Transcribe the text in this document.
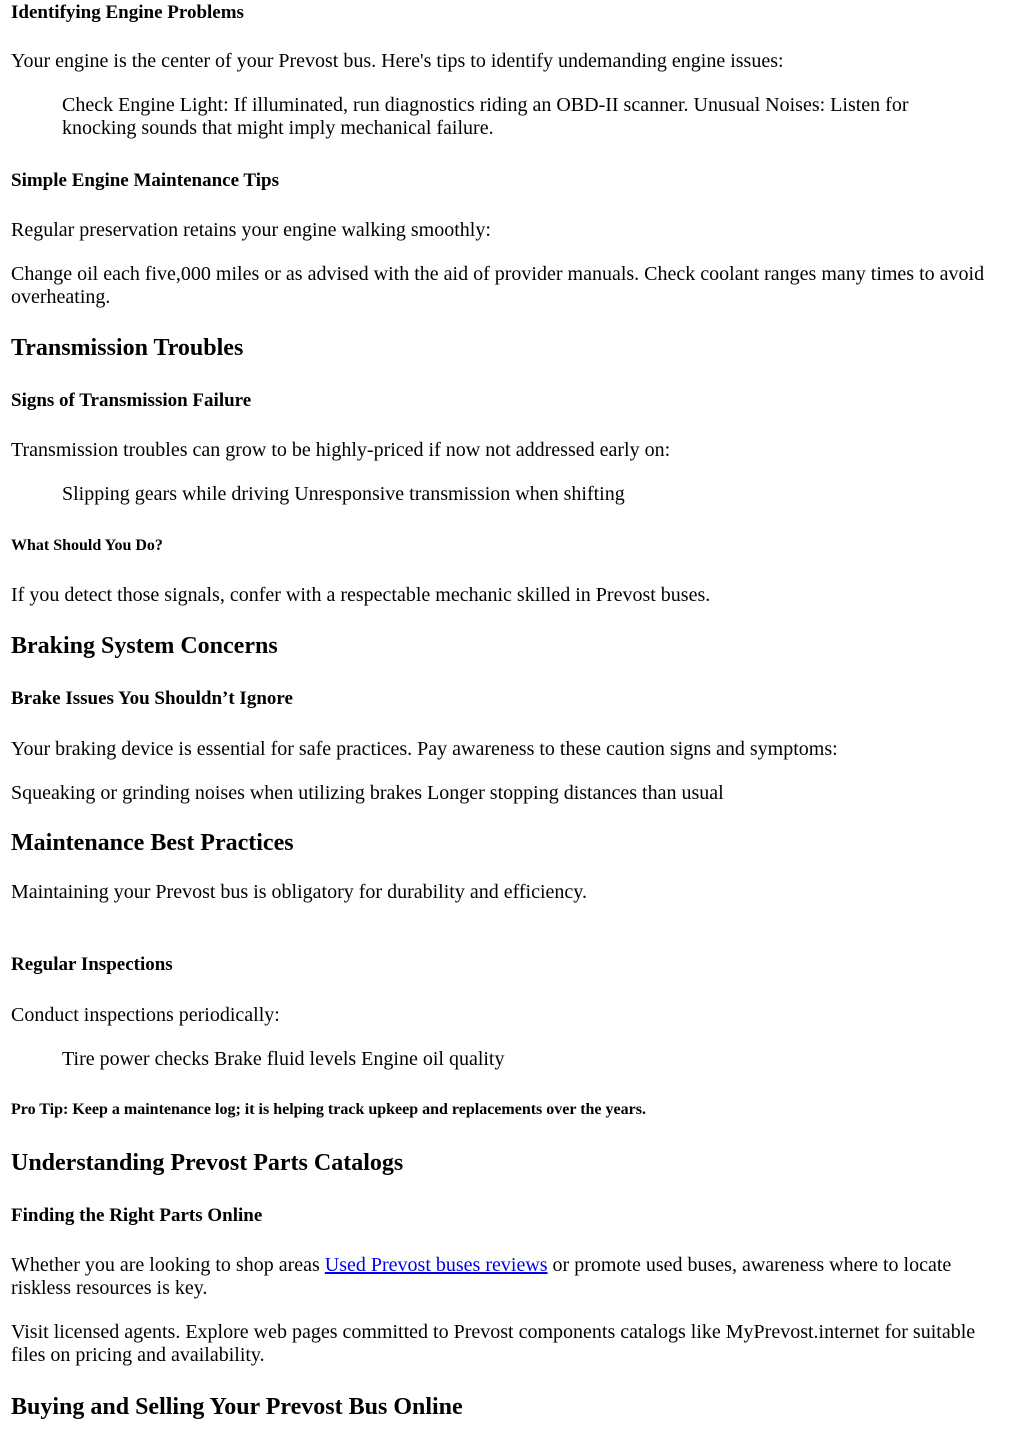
Identifying Engine Problems

Your engine is the center of your Prevost bus. Here's tips to identify undemanding engine issues:

Check Engine Light: If illuminated, run diagnostics riding an OBD-II scanner. Unusual Noises: Listen for knocking sounds that might imply mechanical failure.

Simple Engine Maintenance Tips

Regular preservation retains your engine walking smoothly:

Change oil each five,000 miles or as advised with the aid of provider manuals. Check coolant ranges many times to avoid overheating.

Transmission Troubles
Signs of Transmission Failure

Transmission troubles can grow to be highly-priced if now not addressed early on:

Slipping gears while driving Unresponsive transmission when shifting

What Should You Do?

If you detect those signals, confer with a respectable mechanic skilled in Prevost buses.

Braking System Concerns
Brake Issues You Shouldn’t Ignore

Your braking device is essential for safe practices. Pay awareness to these caution signs and symptoms:

Squeaking or grinding noises when utilizing brakes Longer stopping distances than usual

Maintenance Best Practices

Maintaining your Prevost bus is obligatory for durability and efficiency.

Regular Inspections

Conduct inspections periodically:

Tire power checks Brake fluid levels Engine oil quality

Pro Tip: Keep a maintenance log; it is helping track upkeep and replacements over the years.
Understanding Prevost Parts Catalogs
Finding the Right Parts Online

Whether you are looking to shop areas Used Prevost buses reviews or promote used buses, awareness where to locate riskless resources is key.

Visit licensed agents. Explore web pages committed to Prevost components catalogs like MyPrevost.internet for suitable files on pricing and availability.

Buying and Selling Your Prevost Bus Online
